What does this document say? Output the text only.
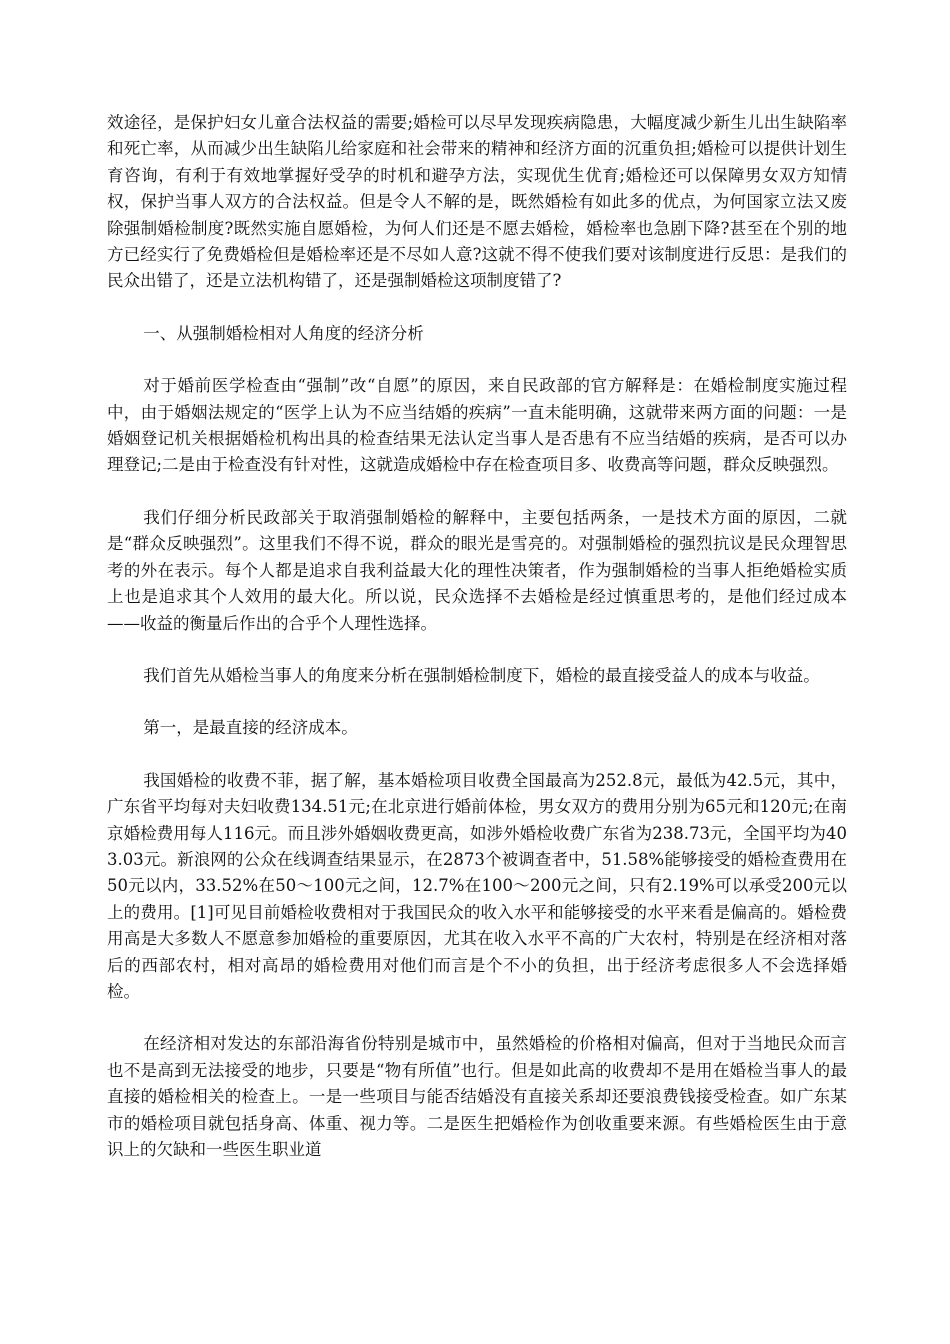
效途径，是保护妇女儿童合法权益的需要;婚检可以尽早发现疾病隐患，大幅度减少新生儿出生缺陷率和死亡率，从而减少出生缺陷儿给家庭和社会带来的精神和经济方面的沉重负担;婚检可以提供计划生育咨询，有利于有效地掌握好受孕的时机和避孕方法，实现优生优育;婚检还可以保障男女双方知情权，保护当事人双方的合法权益。但是令人不解的是，既然婚检有如此多的优点，为何国家立法又废除强制婚检制度?既然实施自愿婚检，为何人们还是不愿去婚检，婚检率也急剧下降?甚至在个别的地方已经实行了免费婚检但是婚检率还是不尽如人意?这就不得不使我们要对该制度进行反思：是我们的民众出错了，还是立法机构错了，还是强制婚检这项制度错了?

一、从强制婚检相对人角度的经济分析

对于婚前医学检查由“强制”改“自愿”的原因，来自民政部的官方解释是：在婚检制度实施过程中，由于婚姻法规定的“医学上认为不应当结婚的疾病”一直未能明确，这就带来两方面的问题：一是婚姻登记机关根据婚检机构出具的检查结果无法认定当事人是否患有不应当结婚的疾病，是否可以办理登记;二是由于检查没有针对性，这就造成婚检中存在检查项目多、收费高等问题，群众反映强烈。

我们仔细分析民政部关于取消强制婚检的解释中，主要包括两条，一是技术方面的原因，二就是“群众反映强烈”。这里我们不得不说，群众的眼光是雪亮的。对强制婚检的强烈抗议是民众理智思考的外在表示。每个人都是追求自我利益最大化的理性决策者，作为强制婚检的当事人拒绝婚检实质上也是追求其个人效用的最大化。所以说，民众选择不去婚检是经过慎重思考的，是他们经过成本——收益的衡量后作出的合乎个人理性选择。

我们首先从婚检当事人的角度来分析在强制婚检制度下，婚检的最直接受益人的成本与收益。

第一，是最直接的经济成本。

我国婚检的收费不菲，据了解，基本婚检项目收费全国最高为252.8元，最低为42.5元，其中，广东省平均每对夫妇收费134.51元;在北京进行婚前体检，男女双方的费用分别为65元和120元;在南京婚检费用每人116元。而且涉外婚姻收费更高，如涉外婚检收费广东省为238.73元，全国平均为403.03元。新浪网的公众在线调查结果显示，在2873个被调查者中，51.58%能够接受的婚检查费用在50元以内，33.52%在50～100元之间，12.7%在100～200元之间，只有2.19%可以承受200元以上的费用。[1]可见目前婚检收费相对于我国民众的收入水平和能够接受的水平来看是偏高的。婚检费用高是大多数人不愿意参加婚检的重要原因，尤其在收入水平不高的广大农村，特别是在经济相对落后的西部农村，相对高昂的婚检费用对他们而言是个不小的负担，出于经济考虑很多人不会选择婚检。

在经济相对发达的东部沿海省份特别是城市中，虽然婚检的价格相对偏高，但对于当地民众而言也不是高到无法接受的地步，只要是“物有所值”也行。但是如此高的收费却不是用在婚检当事人的最直接的婚检相关的检查上。一是一些项目与能否结婚没有直接关系却还要浪费钱接受检查。如广东某市的婚检项目就包括身高、体重、视力等。二是医生把婚检作为创收重要来源。有些婚检医生由于意识上的欠缺和一些医生职业道
